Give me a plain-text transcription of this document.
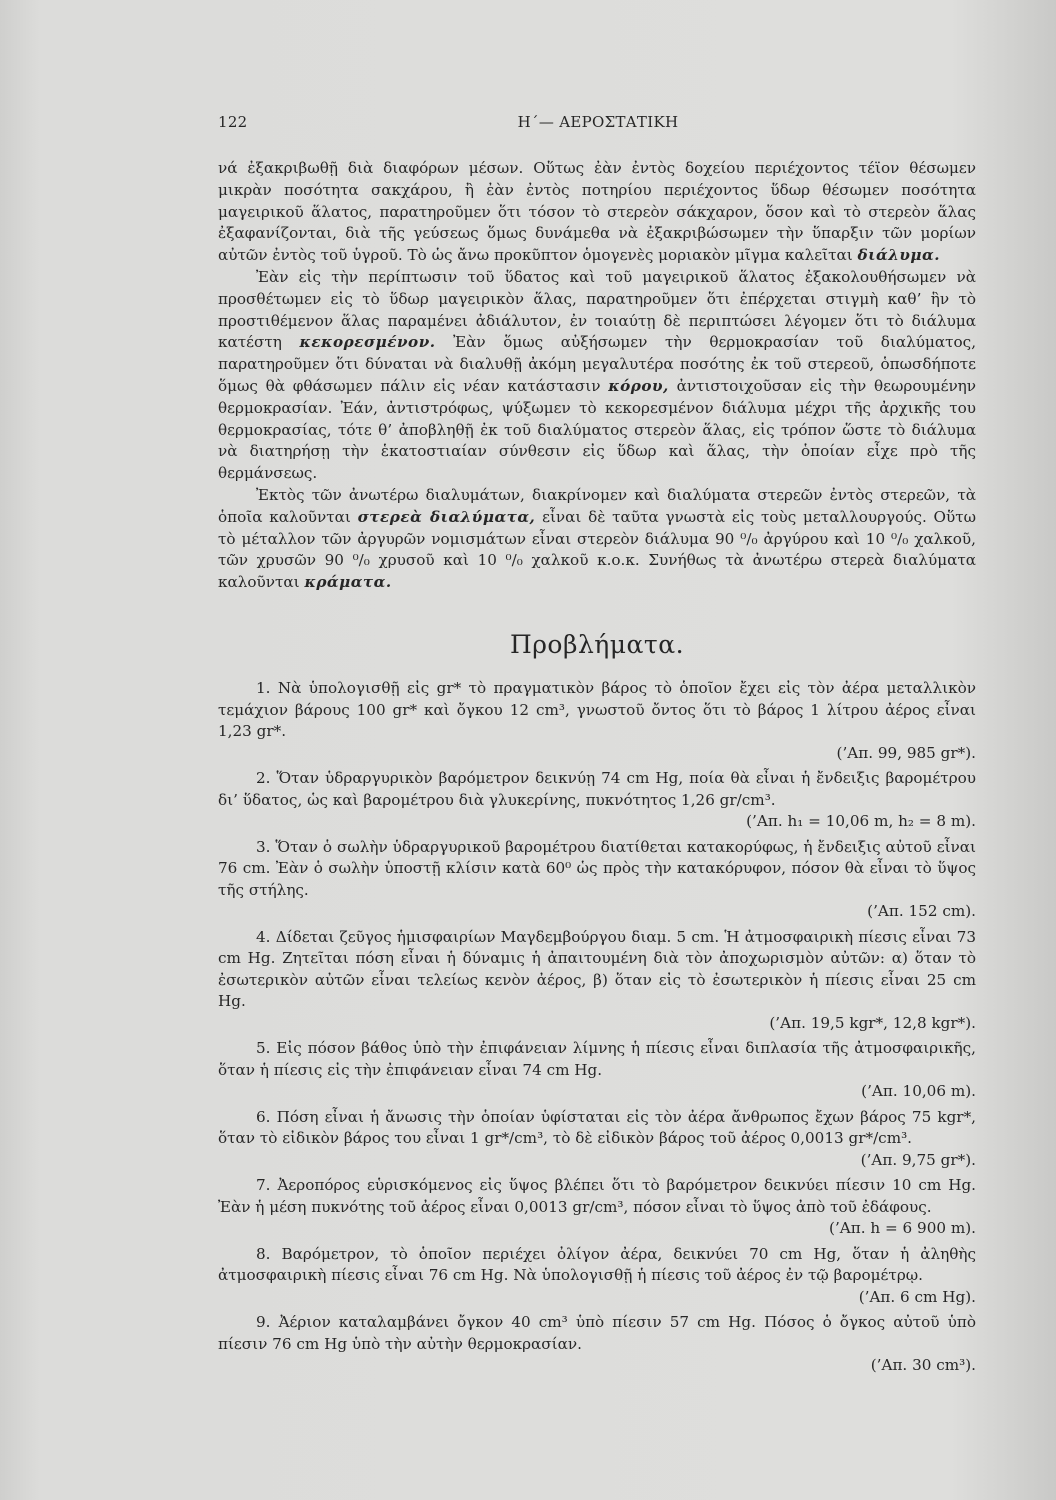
122	Η΄— ΑΕΡΟΣΤΑΤΙΚΗ

νά ἐξακριβωθῇ διὰ διαφόρων μέσων. Οὕτως ἐὰν ἐντὸς δοχείου περιέχοντος τέϊον θέσωμεν μικρὰν ποσότητα σακχάρου, ἢ ἐὰν ἐντὸς ποτηρίου περιέχοντος ὕδωρ θέσωμεν ποσότητα μαγειρικοῦ ἅλατος, παρατηροῦμεν ὅτι τόσον τὸ στερεὸν σάκχαρον, ὅσον καὶ τὸ στερεὸν ἅλας ἐξαφανίζονται, διὰ τῆς γεύσεως ὅμως δυνάμεθα νὰ ἐξακριβώσωμεν τὴν ὕπαρξιν τῶν μορίων αὐτῶν ἐντὸς τοῦ ὑγροῦ. Τὸ ὡς ἄνω προκῦπτον ὁμογενὲς μοριακὸν μῖγμα καλεῖται διάλυμα.

Ἐὰν εἰς τὴν περίπτωσιν τοῦ ὕδατος καὶ τοῦ μαγειρικοῦ ἅλατος ἐξακολουθήσωμεν νὰ προσθέτωμεν εἰς τὸ ὕδωρ μαγειρικὸν ἅλας, παρατηροῦμεν ὅτι ἐπέρχεται στιγμὴ καθ’ ἣν τὸ προστιθέμενον ἅλας παραμένει ἀδιάλυτον, ἐν τοιαύτῃ δὲ περιπτώσει λέγομεν ὅτι τὸ διάλυμα κατέστη κεκορεσμένον. Ἐὰν ὅμως αὐξήσωμεν τὴν θερμοκρασίαν τοῦ διαλύματος, παρατηροῦμεν ὅτι δύναται νὰ διαλυθῇ ἀκόμη μεγαλυτέρα ποσότης ἐκ τοῦ στερεοῦ, ὁπωσδήποτε ὅμως θὰ φθάσωμεν πάλιν εἰς νέαν κατάστασιν κόρου, ἀντιστοιχοῦσαν εἰς τὴν θεωρουμένην θερμοκρασίαν. Ἐάν, ἀντιστρόφως, ψύξωμεν τὸ κεκορεσμένον διάλυμα μέχρι τῆς ἀρχικῆς του θερμοκρασίας, τότε θ’ ἀποβληθῇ ἐκ τοῦ διαλύματος στερεὸν ἅλας, εἰς τρόπον ὥστε τὸ διάλυμα νὰ διατηρήσῃ τὴν ἑκατοστιαίαν σύνθεσιν εἰς ὕδωρ καὶ ἅλας, τὴν ὁποίαν εἶχε πρὸ τῆς θερμάνσεως.

Ἐκτὸς τῶν ἀνωτέρω διαλυμάτων, διακρίνομεν καὶ διαλύματα στερεῶν ἐντὸς στερεῶν, τὰ ὁποῖα καλοῦνται στερεὰ διαλύματα, εἶναι δὲ ταῦτα γνωστὰ εἰς τοὺς μεταλλουργούς. Οὕτω τὸ μέταλλον τῶν ἀργυρῶν νομισμάτων εἶναι στερεὸν διάλυμα 90 ⁰/₀ ἀργύρου καὶ 10 ⁰/₀ χαλκοῦ, τῶν χρυσῶν 90 ⁰/₀ χρυσοῦ καὶ 10 ⁰/₀ χαλκοῦ κ.ο.κ. Συνήθως τὰ ἀνωτέρω στερεὰ διαλύματα καλοῦνται κράματα.

Προβλήματα.
1. Νὰ ὑπολογισθῇ εἰς gr* τὸ πραγματικὸν βάρος τὸ ὁποῖον ἔχει εἰς τὸν ἀέρα μεταλλικὸν τεμάχιον βάρους 100 gr* καὶ ὄγκου 12 cm³, γνωστοῦ ὄντος ὅτι τὸ βάρος 1 λίτρου ἀέρος εἶναι 1,23 gr*.
(’Απ. 99, 985 gr*).
2. Ὅταν ὑδραργυρικὸν βαρόμετρον δεικνύῃ 74 cm Hg, ποία θὰ εἶναι ἡ ἔνδειξις βαρομέτρου δι’ ὕδατος, ὡς καὶ βαρομέτρου διὰ γλυκερίνης, πυκνότητος 1,26 gr/cm³.
(’Απ. h₁ = 10,06 m, h₂ = 8 m).
3. Ὅταν ὁ σωλὴν ὑδραργυρικοῦ βαρομέτρου διατίθεται κατακορύφως, ἡ ἔνδειξις αὐτοῦ εἶναι 76 cm. Ἐὰν ὁ σωλὴν ὑποστῇ κλίσιν κατὰ 60⁰ ὡς πρὸς τὴν κατακόρυφον, πόσον θὰ εἶναι τὸ ὕψος τῆς στήλης.
(’Απ. 152 cm).
4. Δίδεται ζεῦγος ἡμισφαιρίων Μαγδεμβούργου διαμ. 5 cm. Ἡ ἀτμοσφαιρικὴ πίεσις εἶναι 73 cm Hg. Ζητεῖται πόση εἶναι ἡ δύναμις ἡ ἀπαιτουμένη διὰ τὸν ἀποχωρισμὸν αὐτῶν: α) ὅταν τὸ ἐσωτερικὸν αὐτῶν εἶναι τελείως κενὸν ἀέρος, β) ὅταν εἰς τὸ ἐσωτερικὸν ἡ πίεσις εἶναι 25 cm Hg.
(’Απ. 19,5 kgr*, 12,8 kgr*).
5. Εἰς πόσον βάθος ὑπὸ τὴν ἐπιφάνειαν λίμνης ἡ πίεσις εἶναι διπλασία τῆς ἀτμοσφαιρικῆς, ὅταν ἡ πίεσις εἰς τὴν ἐπιφάνειαν εἶναι 74 cm Hg.
(’Απ. 10,06 m).
6. Πόση εἶναι ἡ ἄνωσις τὴν ὁποίαν ὑφίσταται εἰς τὸν ἀέρα ἄνθρωπος ἔχων βάρος 75 kgr*, ὅταν τὸ εἰδικὸν βάρος του εἶναι 1 gr*/cm³, τὸ δὲ εἰδικὸν βάρος τοῦ ἀέρος 0,0013 gr*/cm³.
(’Απ. 9,75 gr*).
7. Ἀεροπόρος εὑρισκόμενος εἰς ὕψος βλέπει ὅτι τὸ βαρόμετρον δεικνύει πίεσιν 10 cm Hg. Ἐὰν ἡ μέση πυκνότης τοῦ ἀέρος εἶναι 0,0013 gr/cm³, πόσον εἶναι τὸ ὕψος ἀπὸ τοῦ ἐδάφους.
(’Απ. h = 6 900 m).
8. Βαρόμετρον, τὸ ὁποῖον περιέχει ὀλίγον ἀέρα, δεικνύει 70 cm Hg, ὅταν ἡ ἀληθὴς ἀτμοσφαιρικὴ πίεσις εἶναι 76 cm Hg. Νὰ ὑπολογισθῇ ἡ πίεσις τοῦ ἀέρος ἐν τῷ βαρομέτρῳ.
(’Απ. 6 cm Hg).
9. Ἀέριον καταλαμβάνει ὄγκον 40 cm³ ὑπὸ πίεσιν 57 cm Hg. Πόσος ὁ ὄγκος αὐτοῦ ὑπὸ πίεσιν 76 cm Hg ὑπὸ τὴν αὐτὴν θερμοκρασίαν.
(’Απ. 30 cm³).
